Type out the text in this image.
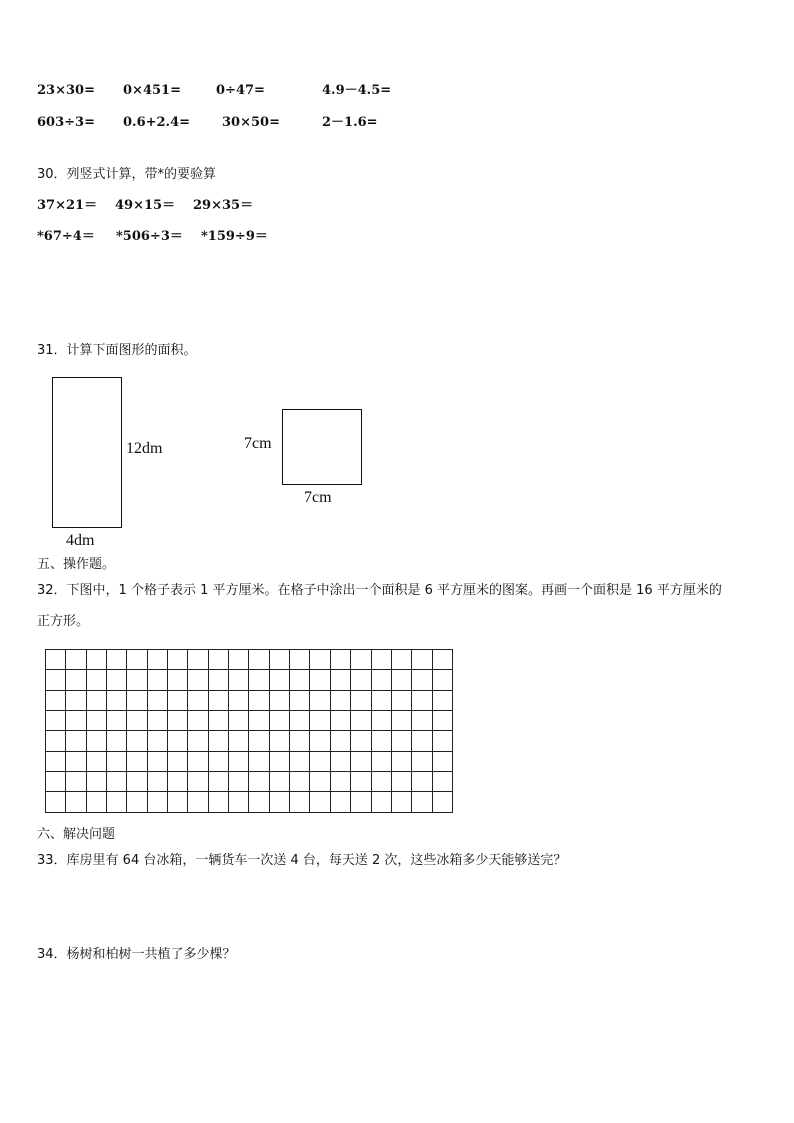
23×30= 0×451=	0÷47=	4.9－4.5=
603÷3= 0.6+2.4= 30×50=	2－1.6=
30．列竖式计算，带*的要验算
37×21＝ 49×15＝ 29×35＝
*67÷4＝ *506÷3＝ *159÷9＝
31．计算下面图形的面积。
12dm
4dm
7cm
7cm
五、操作题。
32．下图中，1 个格子表示 1 平方厘米。在格子中涂出一个面积是 6 平方厘米的图案。再画一个面积是 16 平方厘米的
正方形。
六、解决问题
33．库房里有 64 台冰箱，一辆货车一次送 4 台，每天送 2 次，这些冰箱多少天能够送完？
34．杨树和柏树一共植了多少棵？
